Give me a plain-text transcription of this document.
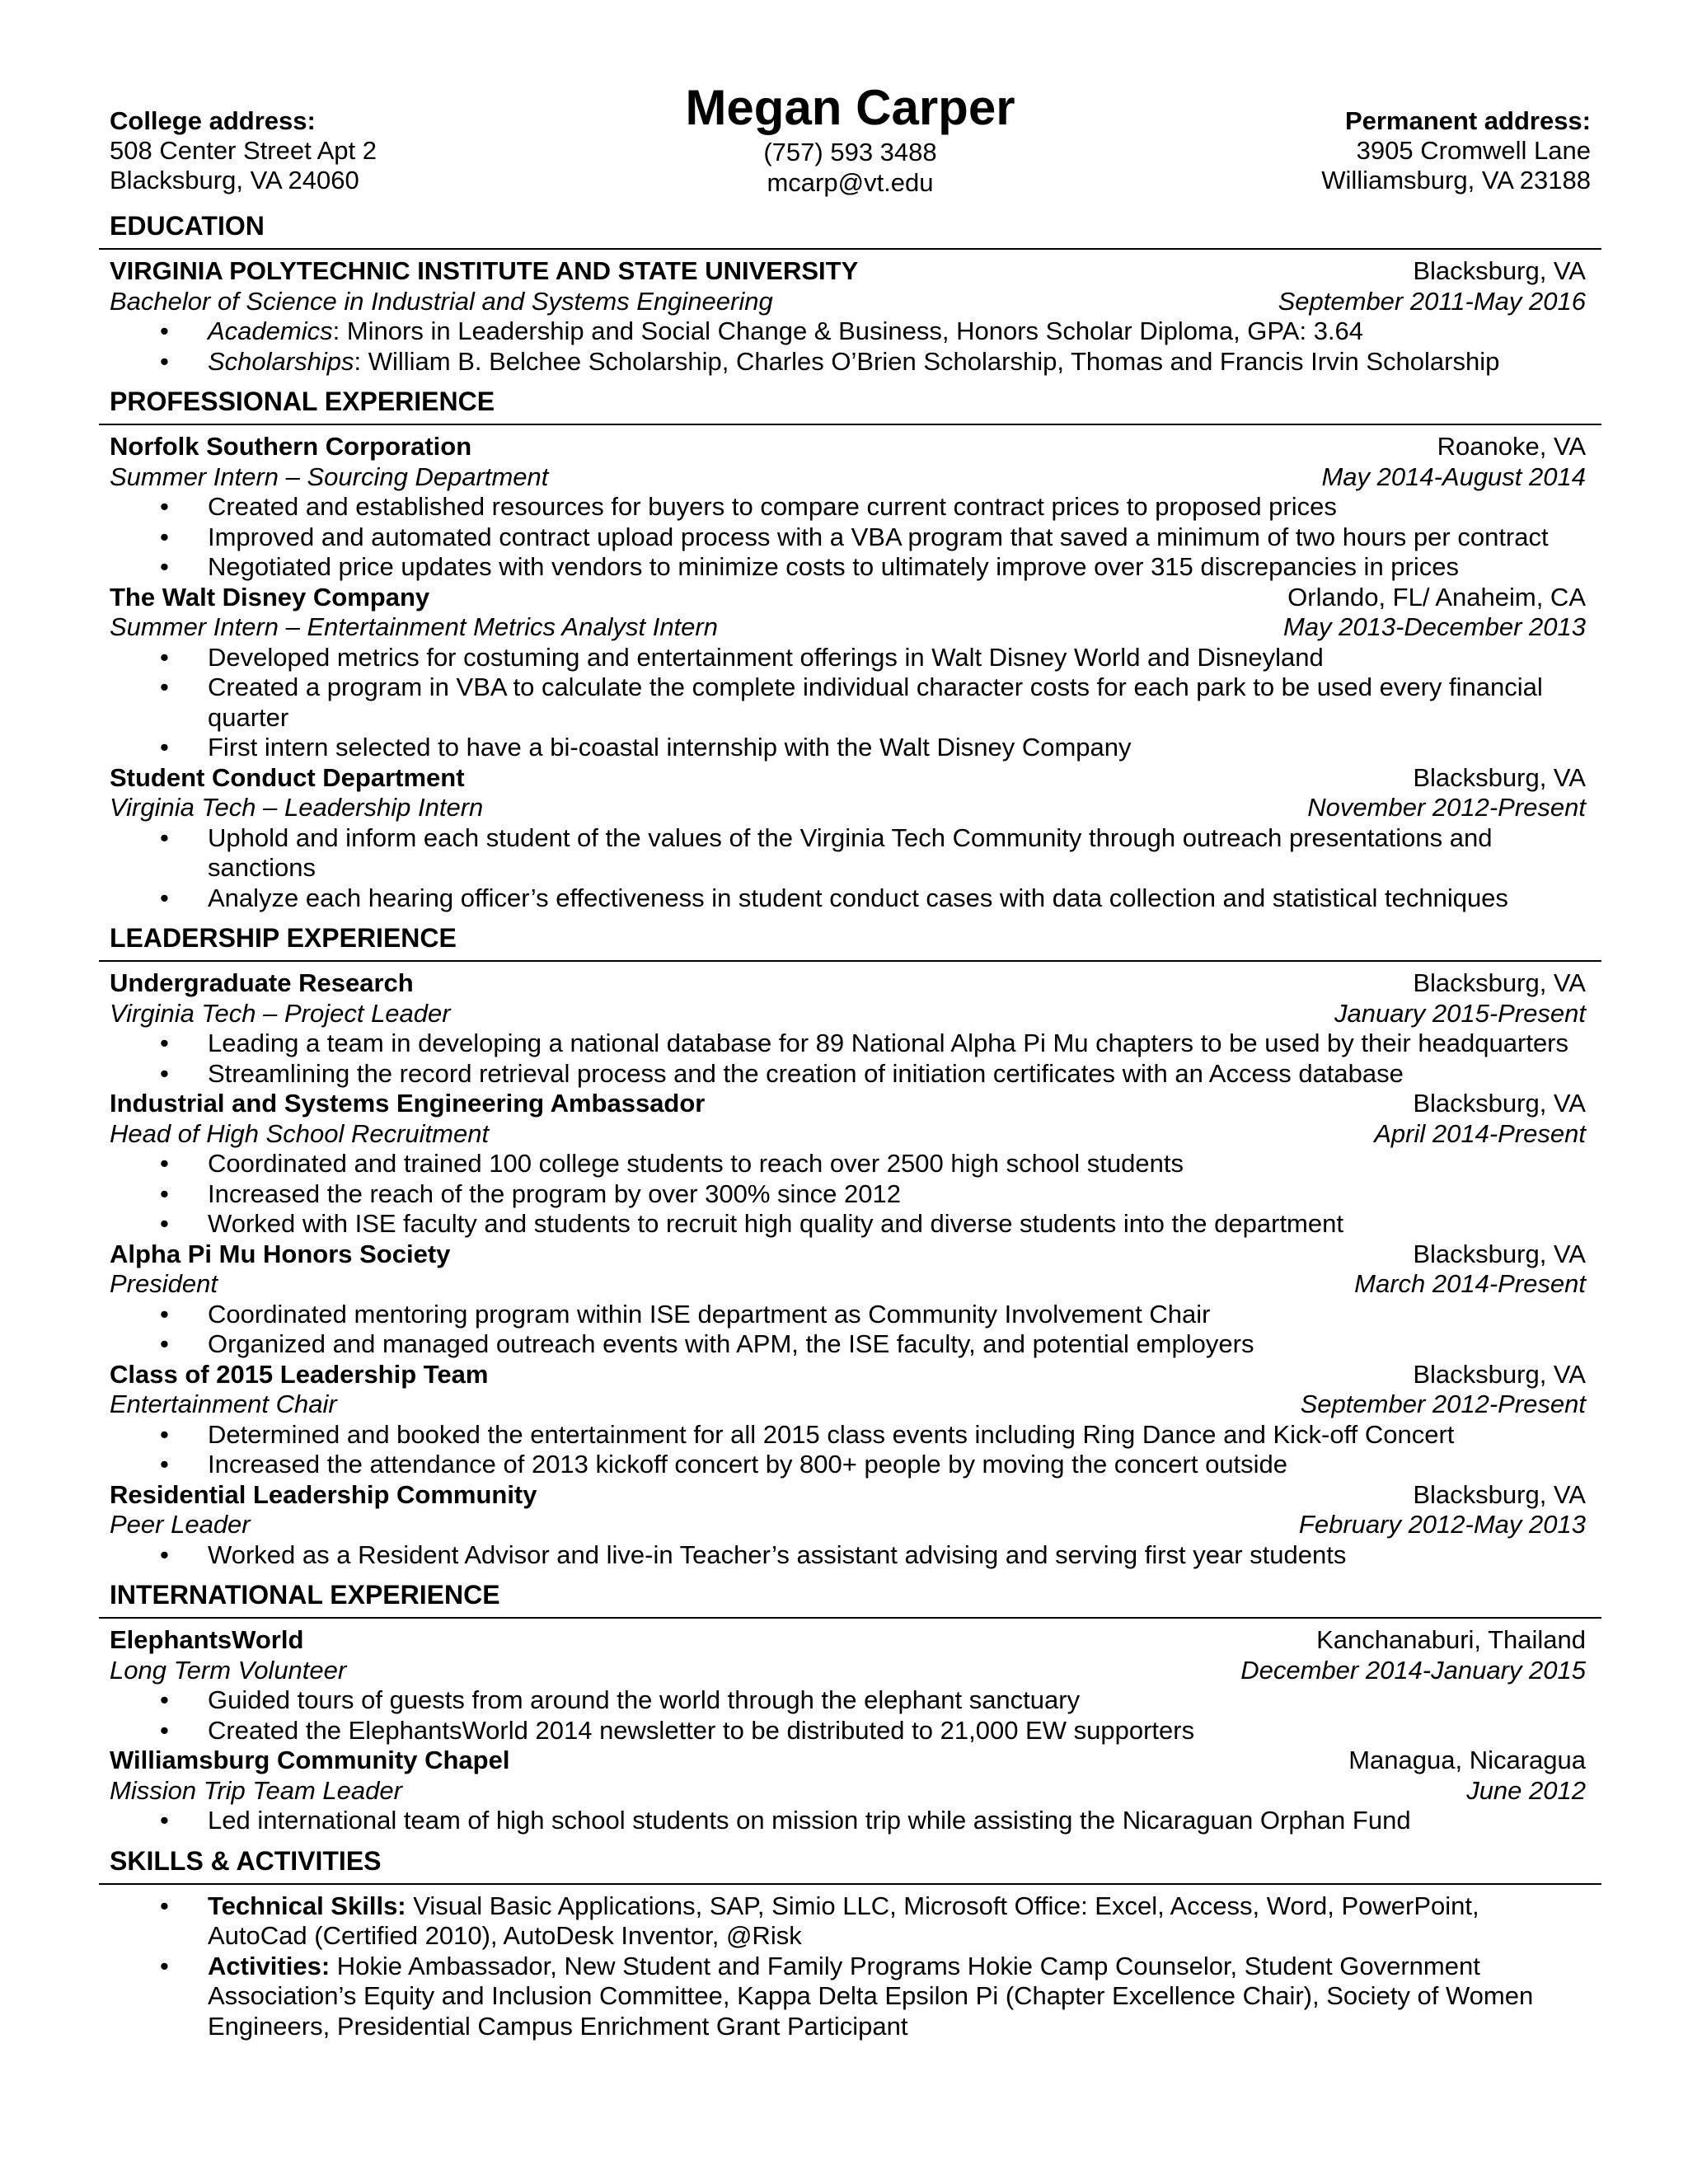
College address:
508 Center Street Apt 2
Blacksburg, VA 24060
Megan Carper
(757) 593 3488
mcarp@vt.edu
Permanent address:
3905 Cromwell Lane
Williamsburg, VA 23188
EDUCATION
VIRGINIA POLYTECHNIC INSTITUTE AND STATE UNIVERSITY	Blacksburg, VA
Bachelor of Science in Industrial and Systems Engineering	September 2011-May 2016
• Academics: Minors in Leadership and Social Change & Business, Honors Scholar Diploma, GPA: 3.64
• Scholarships: William B. Belchee Scholarship, Charles O’Brien Scholarship, Thomas and Francis Irvin Scholarship
PROFESSIONAL EXPERIENCE
Norfolk Southern Corporation	Roanoke, VA
Summer Intern – Sourcing Department	May 2014-August 2014
• Created and established resources for buyers to compare current contract prices to proposed prices
• Improved and automated contract upload process with a VBA program that saved a minimum of two hours per contract
• Negotiated price updates with vendors to minimize costs to ultimately improve over 315 discrepancies in prices
The Walt Disney Company	Orlando, FL/ Anaheim, CA
Summer Intern – Entertainment Metrics Analyst Intern	May 2013-December 2013
• Developed metrics for costuming and entertainment offerings in Walt Disney World and Disneyland
• Created a program in VBA to calculate the complete individual character costs for each park to be used every financial quarter
• First intern selected to have a bi-coastal internship with the Walt Disney Company
Student Conduct Department	Blacksburg, VA
Virginia Tech – Leadership Intern	November 2012-Present
• Uphold and inform each student of the values of the Virginia Tech Community through outreach presentations and sanctions
• Analyze each hearing officer’s effectiveness in student conduct cases with data collection and statistical techniques
LEADERSHIP EXPERIENCE
Undergraduate Research	Blacksburg, VA
Virginia Tech – Project Leader	January 2015-Present
• Leading a team in developing a national database for 89 National Alpha Pi Mu chapters to be used by their headquarters
• Streamlining the record retrieval process and the creation of initiation certificates with an Access database
Industrial and Systems Engineering Ambassador	Blacksburg, VA
Head of High School Recruitment	April 2014-Present
• Coordinated and trained 100 college students to reach over 2500 high school students
• Increased the reach of the program by over 300% since 2012
• Worked with ISE faculty and students to recruit high quality and diverse students into the department
Alpha Pi Mu Honors Society	Blacksburg, VA
President	March 2014-Present
• Coordinated mentoring program within ISE department as Community Involvement Chair
• Organized and managed outreach events with APM, the ISE faculty, and potential employers
Class of 2015 Leadership Team	Blacksburg, VA
Entertainment Chair	September 2012-Present
• Determined and booked the entertainment for all 2015 class events including Ring Dance and Kick-off Concert
• Increased the attendance of 2013 kickoff concert by 800+ people by moving the concert outside
Residential Leadership Community	Blacksburg, VA
Peer Leader	February 2012-May 2013
• Worked as a Resident Advisor and live-in Teacher’s assistant advising and serving first year students
INTERNATIONAL EXPERIENCE
ElephantsWorld	Kanchanaburi, Thailand
Long Term Volunteer	December 2014-January 2015
• Guided tours of guests from around the world through the elephant sanctuary
• Created the ElephantsWorld 2014 newsletter to be distributed to 21,000 EW supporters
Williamsburg Community Chapel	Managua, Nicaragua
Mission Trip Team Leader	June 2012
• Led international team of high school students on mission trip while assisting the Nicaraguan Orphan Fund
SKILLS & ACTIVITIES
• Technical Skills: Visual Basic Applications, SAP, Simio LLC, Microsoft Office: Excel, Access, Word, PowerPoint, AutoCad (Certified 2010), AutoDesk Inventor, @Risk
• Activities: Hokie Ambassador, New Student and Family Programs Hokie Camp Counselor, Student Government Association’s Equity and Inclusion Committee, Kappa Delta Epsilon Pi (Chapter Excellence Chair), Society of Women Engineers, Presidential Campus Enrichment Grant Participant
